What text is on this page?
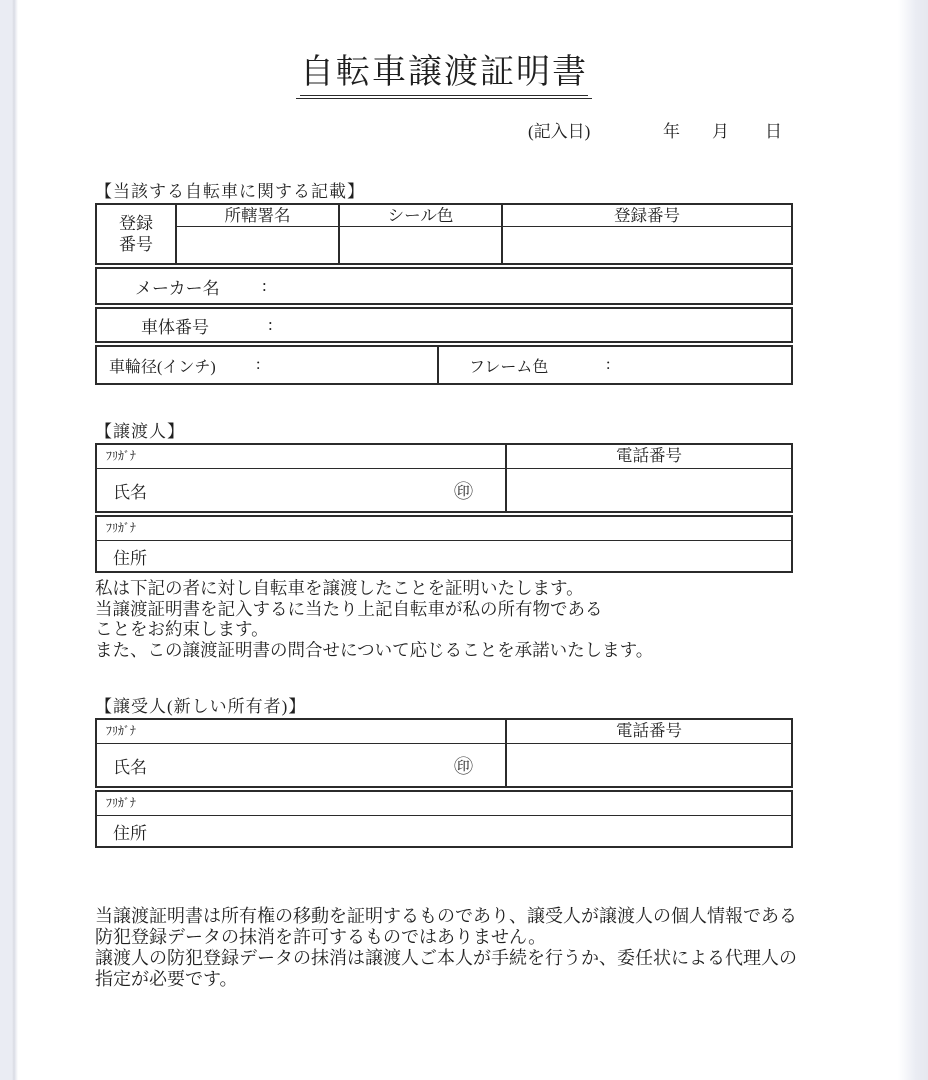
自転車譲渡証明書
(記入日)	年 月 日
【当該する自転車に関する記載】
登録番号
所轄署名	シール色	登録番号
メーカー名	:
車体番号	:
車輪径(インチ)	:	フレーム色	:
【譲渡人】
ﾌﾘｶﾞﾅ
氏名	㊞
電話番号
ﾌﾘｶﾞﾅ
住所
私は下記の者に対し自転車を譲渡したことを証明いたします。
当譲渡証明書を記入するに当たり上記自転車が私の所有物である
ことをお約束します。
また、この譲渡証明書の問合せについて応じることを承諾いたします。
【譲受人(新しい所有者)】
ﾌﾘｶﾞﾅ
氏名	㊞
電話番号
ﾌﾘｶﾞﾅ
住所
当譲渡証明書は所有権の移動を証明するものであり、譲受人が譲渡人の個人情報である
防犯登録データの抹消を許可するものではありません。
譲渡人の防犯登録データの抹消は譲渡人ご本人が手続を行うか、委任状による代理人の
指定が必要です。
